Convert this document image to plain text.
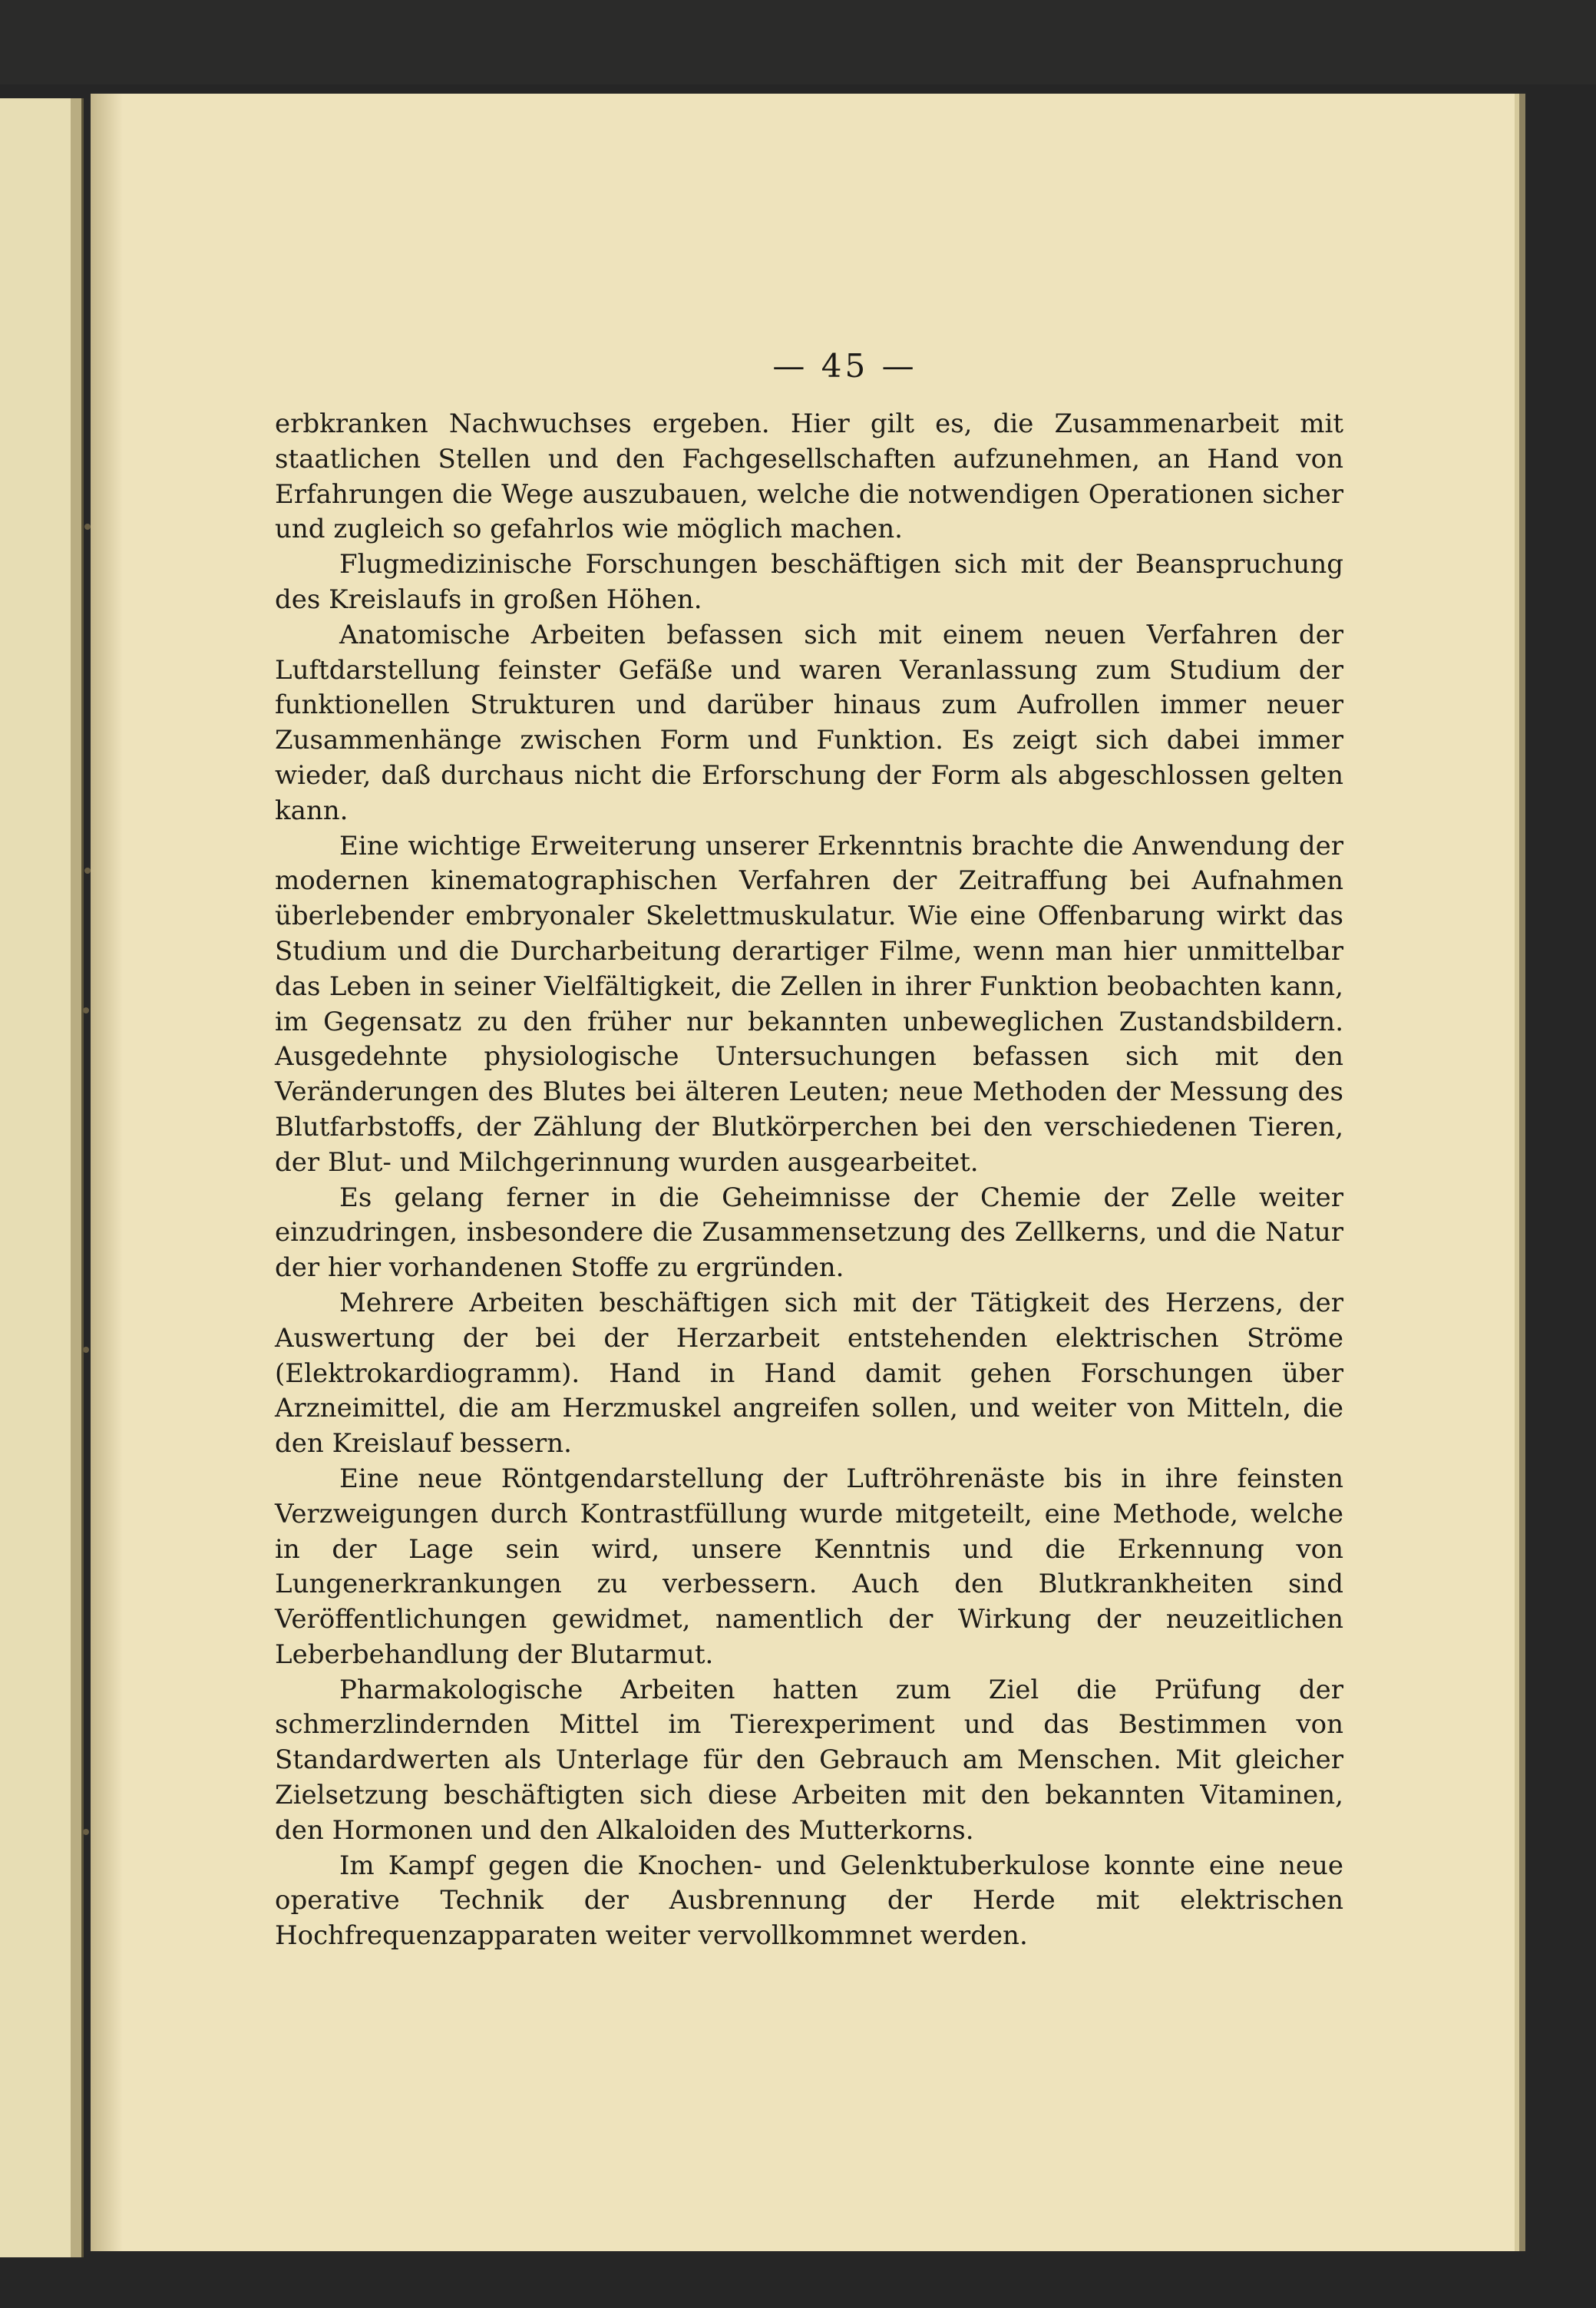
— 45 —

erbkranken Nachwuchses ergeben. Hier gilt es, die Zusammenarbeit mit staatlichen Stellen und den Fachgesellschaften aufzunehmen, an Hand von Erfahrungen die Wege auszubauen, welche die notwendigen Operationen sicher und zugleich so gefahrlos wie möglich machen.

Flugmedizinische Forschungen beschäftigen sich mit der Beanspruchung des Kreislaufs in großen Höhen.

Anatomische Arbeiten befassen sich mit einem neuen Verfahren der Luftdarstellung feinster Gefäße und waren Veranlassung zum Studium der funktionellen Strukturen und darüber hinaus zum Aufrollen immer neuer Zusammenhänge zwischen Form und Funktion. Es zeigt sich dabei immer wieder, daß durchaus nicht die Erforschung der Form als abgeschlossen gelten kann.

Eine wichtige Erweiterung unserer Erkenntnis brachte die Anwendung der modernen kinematographischen Verfahren der Zeitraffung bei Aufnahmen überlebender embryonaler Skelettmuskulatur. Wie eine Offenbarung wirkt das Studium und die Durcharbeitung derartiger Filme, wenn man hier unmittelbar das Leben in seiner Vielfältigkeit, die Zellen in ihrer Funktion beobachten kann, im Gegensatz zu den früher nur bekannten unbeweglichen Zustandsbildern. Ausgedehnte physiologische Untersuchungen befassen sich mit den Veränderungen des Blutes bei älteren Leuten; neue Methoden der Messung des Blutfarbstoffs, der Zählung der Blutkörperchen bei den verschiedenen Tieren, der Blut- und Milchgerinnung wurden ausgearbeitet.

Es gelang ferner in die Geheimnisse der Chemie der Zelle weiter einzudringen, insbesondere die Zusammensetzung des Zellkerns, und die Natur der hier vorhandenen Stoffe zu ergründen.

Mehrere Arbeiten beschäftigen sich mit der Tätigkeit des Herzens, der Auswertung der bei der Herzarbeit entstehenden elektrischen Ströme (Elektrokardiogramm). Hand in Hand damit gehen Forschungen über Arzneimittel, die am Herzmuskel angreifen sollen, und weiter von Mitteln, die den Kreislauf bessern.

Eine neue Röntgendarstellung der Luftröhrenäste bis in ihre feinsten Verzweigungen durch Kontrastfüllung wurde mitgeteilt, eine Methode, welche in der Lage sein wird, unsere Kenntnis und die Erkennung von Lungenerkrankungen zu verbessern. Auch den Blutkrankheiten sind Veröffentlichungen gewidmet, namentlich der Wirkung der neuzeitlichen Leberbehandlung der Blutarmut.

Pharmakologische Arbeiten hatten zum Ziel die Prüfung der schmerzlindernden Mittel im Tierexperiment und das Bestimmen von Standardwerten als Unterlage für den Gebrauch am Menschen. Mit gleicher Zielsetzung beschäftigten sich diese Arbeiten mit den bekannten Vitaminen, den Hormonen und den Alkaloiden des Mutterkorns.

Im Kampf gegen die Knochen- und Gelenktuberkulose konnte eine neue operative Technik der Ausbrennung der Herde mit elektrischen Hochfrequenzapparaten weiter vervollkommnet werden.
